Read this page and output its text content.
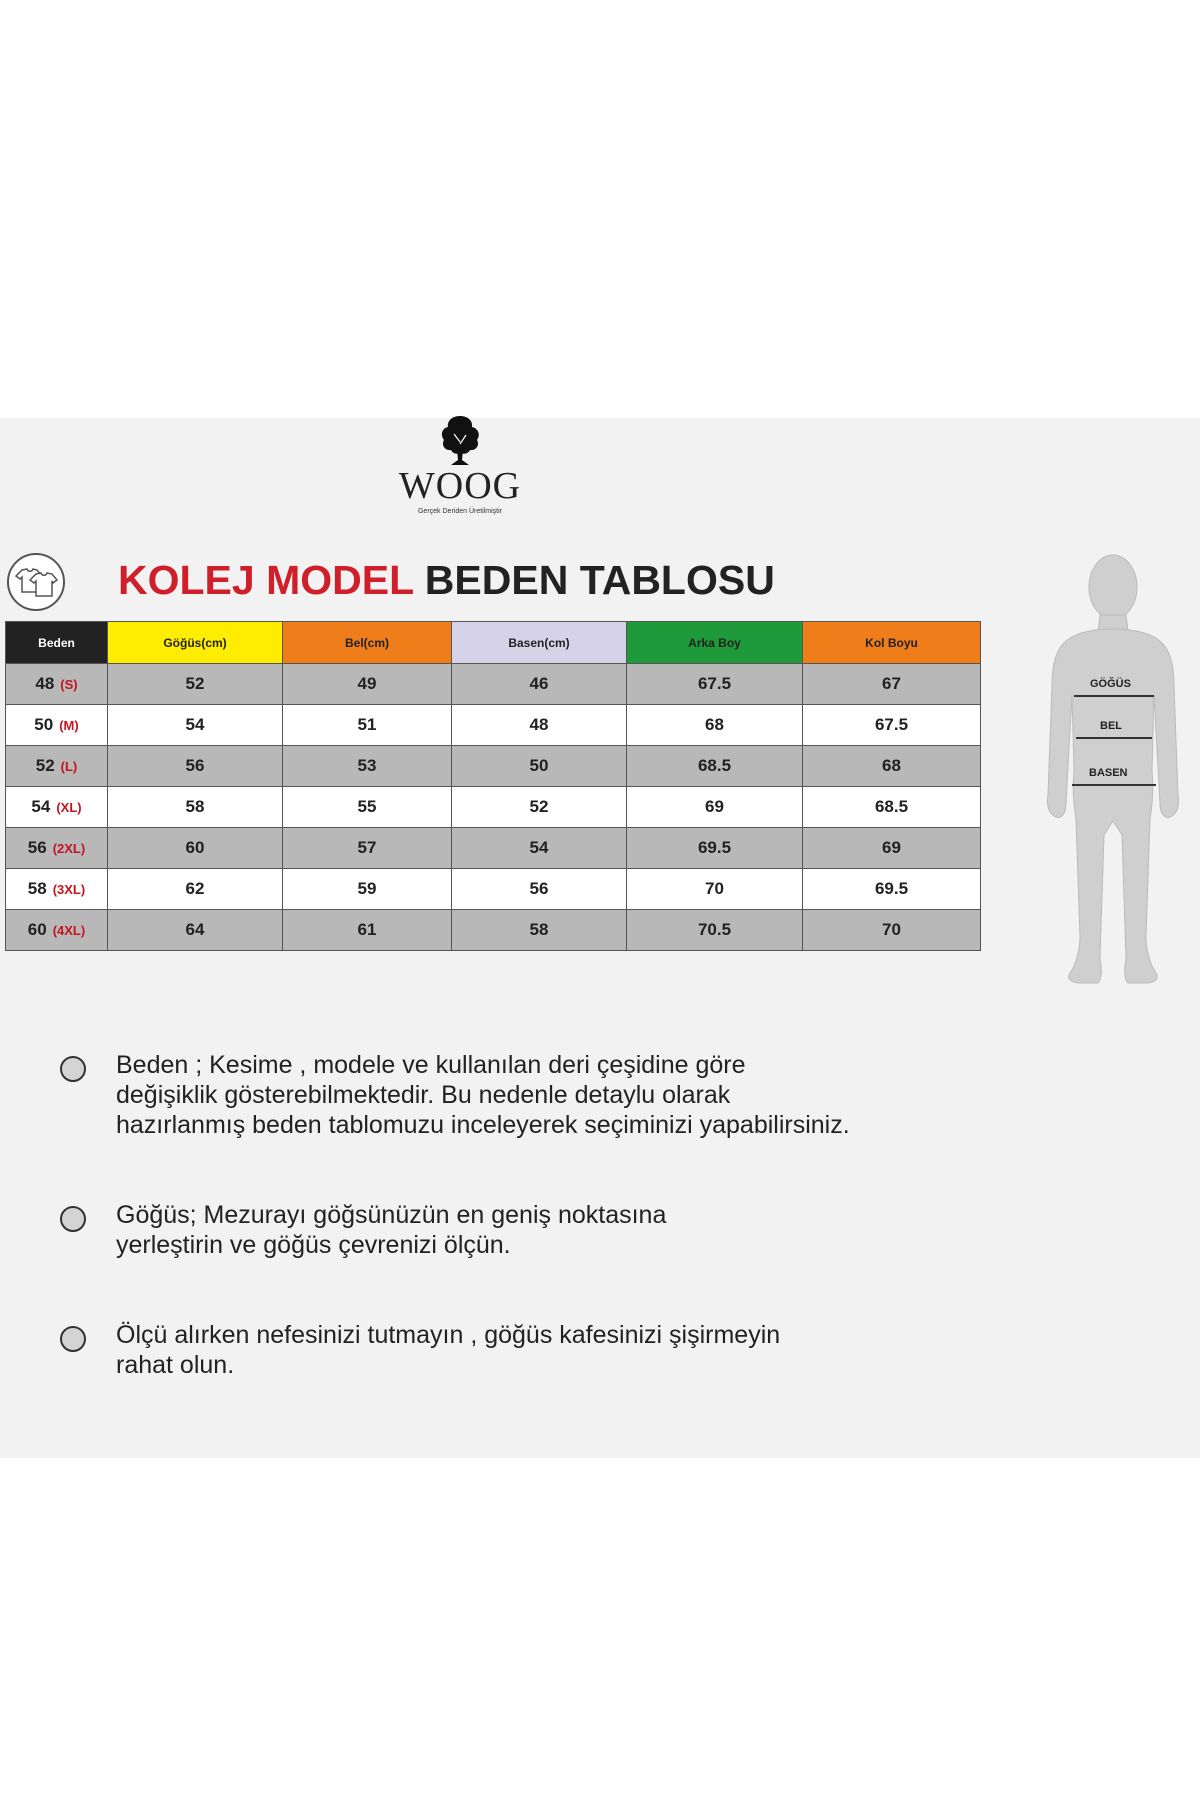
WOOG
Gerçek Deriden Üretilmiştir
KOLEJ MODEL BEDEN TABLOSU
Beden	Göğüs(cm)	Bel(cm)	Basen(cm)	Arka Boy	Kol Boyu
48 (S)	52	49	46	67.5	67
50 (M)	54	51	48	68	67.5
52 (L)	56	53	50	68.5	68
54 (XL)	58	55	52	69	68.5
56 (2XL)	60	57	54	69.5	69
58 (3XL)	62	59	56	70	69.5
60 (4XL)	64	61	58	70.5	70
GÖĞÜS
BEL
BASEN
Beden ; Kesime , modele ve kullanılan deri çeşidine göre
değişiklik gösterebilmektedir. Bu nedenle detaylu olarak
hazırlanmış beden tablomuzu inceleyerek seçiminizi yapabilirsiniz.
Göğüs; Mezurayı göğsünüzün en geniş noktasına
yerleştirin ve göğüs çevrenizi ölçün.
Ölçü alırken nefesinizi tutmayın , göğüs kafesinizi şişirmeyin
rahat olun.
